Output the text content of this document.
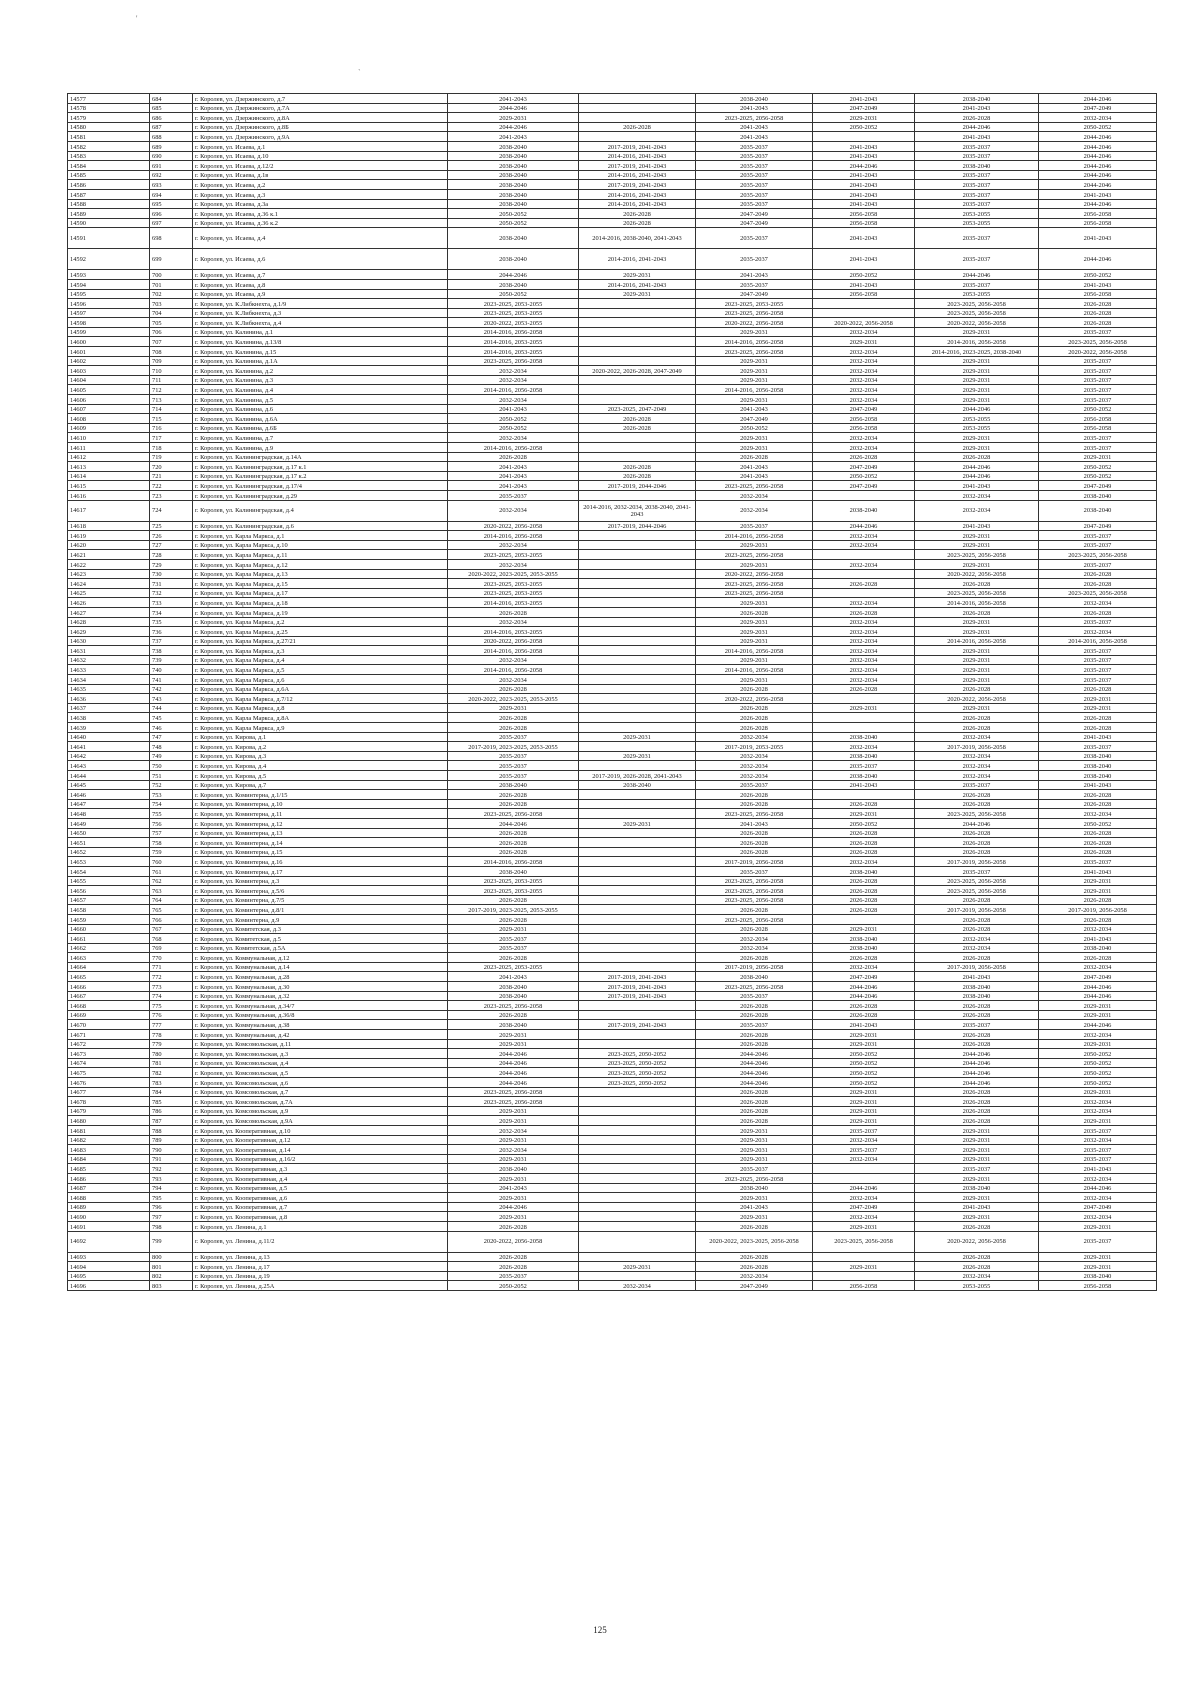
'
`
14577	684	г. Королев, ул. Дзержинского, д.7	2041-2043		2038-2040	2041-2043	2038-2040	2044-2046
14578	685	г. Королев, ул. Дзержинского, д.7А	2044-2046		2041-2043	2047-2049	2041-2043	2047-2049
14579	686	г. Королев, ул. Дзержинского, д.8А	2029-2031		2023-2025, 2056-2058	2029-2031	2026-2028	2032-2034
14580	687	г. Королев, ул. Дзержинского, д.8Б	2044-2046	2026-2028	2041-2043	2050-2052	2044-2046	2050-2052
14581	688	г. Королев, ул. Дзержинского, д.9А	2041-2043		2041-2043		2041-2043	2044-2046
14582	689	г. Королев, ул. Исаева, д.1	2038-2040	2017-2019, 2041-2043	2035-2037	2041-2043	2035-2037	2044-2046
14583	690	г. Королев, ул. Исаева, д.10	2038-2040	2014-2016, 2041-2043	2035-2037	2041-2043	2035-2037	2044-2046
14584	691	г. Королев, ул. Исаева, д.12/2	2038-2040	2017-2019, 2041-2043	2035-2037	2044-2046	2038-2040	2044-2046
14585	692	г. Королев, ул. Исаева, д.1в	2038-2040	2014-2016, 2041-2043	2035-2037	2041-2043	2035-2037	2044-2046
14586	693	г. Королев, ул. Исаева, д.2	2038-2040	2017-2019, 2041-2043	2035-2037	2041-2043	2035-2037	2044-2046
14587	694	г. Королев, ул. Исаева, д.3	2038-2040	2014-2016, 2041-2043	2035-2037	2041-2043	2035-2037	2041-2043
14588	695	г. Королев, ул. Исаева, д.3а	2038-2040	2014-2016, 2041-2043	2035-2037	2041-2043	2035-2037	2044-2046
14589	696	г. Королев, ул. Исаева, д.36 к.1	2050-2052	2026-2028	2047-2049	2056-2058	2053-2055	2056-2058
14590	697	г. Королев, ул. Исаева, д.36 к.2	2050-2052	2026-2028	2047-2049	2056-2058	2053-2055	2056-2058
14591	698	г. Королев, ул. Исаева, д.4	2038-2040	2014-2016, 2038-2040, 2041-2043	2035-2037	2041-2043	2035-2037	2041-2043
14592	699	г. Королев, ул. Исаева, д.6	2038-2040	2014-2016, 2041-2043	2035-2037	2041-2043	2035-2037	2044-2046
14593	700	г. Королев, ул. Исаева, д.7	2044-2046	2029-2031	2041-2043	2050-2052	2044-2046	2050-2052
14594	701	г. Королев, ул. Исаева, д.8	2038-2040	2014-2016, 2041-2043	2035-2037	2041-2043	2035-2037	2041-2043
14595	702	г. Королев, ул. Исаева, д.9	2050-2052	2029-2031	2047-2049	2056-2058	2053-2055	2056-2058
14596	703	г. Королев, ул. К.Либкнехта, д.1/9	2023-2025, 2053-2055		2023-2025, 2053-2055		2023-2025, 2056-2058	2026-2028
14597	704	г. Королев, ул. К.Либкнехта, д.3	2023-2025, 2053-2055		2023-2025, 2056-2058		2023-2025, 2056-2058	2026-2028
14598	705	г. Королев, ул. К.Либкнехта, д.4	2020-2022, 2053-2055		2020-2022, 2056-2058	2020-2022, 2056-2058	2020-2022, 2056-2058	2026-2028
14599	706	г. Королев, ул. Калинина, д.1	2014-2016, 2056-2058		2029-2031	2032-2034	2029-2031	2035-2037
14600	707	г. Королев, ул. Калинина, д.13/8	2014-2016, 2053-2055		2014-2016, 2056-2058	2029-2031	2014-2016, 2056-2058	2023-2025, 2056-2058
14601	708	г. Королев, ул. Калинина, д.15	2014-2016, 2053-2055		2023-2025, 2056-2058	2032-2034	2014-2016, 2023-2025, 2038-2040	2020-2022, 2056-2058
14602	709	г. Королев, ул. Калинина, д.1А	2023-2025, 2056-2058		2029-2031	2032-2034	2029-2031	2035-2037
14603	710	г. Королев, ул. Калинина, д.2	2032-2034	2020-2022, 2026-2028, 2047-2049	2029-2031	2032-2034	2029-2031	2035-2037
14604	711	г. Королев, ул. Калинина, д.3	2032-2034		2029-2031	2032-2034	2029-2031	2035-2037
14605	712	г. Королев, ул. Калинина, д.4	2014-2016, 2056-2058		2014-2016, 2056-2058	2032-2034	2029-2031	2035-2037
14606	713	г. Королев, ул. Калинина, д.5	2032-2034		2029-2031	2032-2034	2029-2031	2035-2037
14607	714	г. Королев, ул. Калинина, д.6	2041-2043	2023-2025, 2047-2049	2041-2043	2047-2049	2044-2046	2050-2052
14608	715	г. Королев, ул. Калинина, д.6А	2050-2052	2026-2028	2047-2049	2056-2058	2053-2055	2056-2058
14609	716	г. Королев, ул. Калинина, д.6Б	2050-2052	2026-2028	2050-2052	2056-2058	2053-2055	2056-2058
14610	717	г. Королев, ул. Калинина, д.7	2032-2034		2029-2031	2032-2034	2029-2031	2035-2037
14611	718	г. Королев, ул. Калинина, д.9	2014-2016, 2056-2058		2029-2031	2032-2034	2029-2031	2035-2037
14612	719	г. Королев, ул. Калининградская, д.14А	2026-2028		2026-2028	2026-2028	2026-2028	2029-2031
14613	720	г. Королев, ул. Калининградская, д.17 к.1	2041-2043	2026-2028	2041-2043	2047-2049	2044-2046	2050-2052
14614	721	г. Королев, ул. Калининградская, д.17 к.2	2041-2043	2026-2028	2041-2043	2050-2052	2044-2046	2050-2052
14615	722	г. Королев, ул. Калининградская, д.17/4	2041-2043	2017-2019, 2044-2046	2023-2025, 2056-2058	2047-2049	2041-2043	2047-2049
14616	723	г. Королев, ул. Калининградская, д.29	2035-2037		2032-2034		2032-2034	2038-2040
14617	724	г. Королев, ул. Калининградская, д.4	2032-2034	2014-2016, 2032-2034, 2038-2040, 2041-2043	2032-2034	2038-2040	2032-2034	2038-2040
14618	725	г. Королев, ул. Калининградская, д.6	2020-2022, 2056-2058	2017-2019, 2044-2046	2035-2037	2044-2046	2041-2043	2047-2049
14619	726	г. Королев, ул. Карла Маркса, д.1	2014-2016, 2056-2058		2014-2016, 2056-2058	2032-2034	2029-2031	2035-2037
14620	727	г. Королев, ул. Карла Маркса, д.10	2032-2034		2029-2031	2032-2034	2029-2031	2035-2037
14621	728	г. Королев, ул. Карла Маркса, д.11	2023-2025, 2053-2055		2023-2025, 2056-2058		2023-2025, 2056-2058	2023-2025, 2056-2058
14622	729	г. Королев, ул. Карла Маркса, д.12	2032-2034		2029-2031	2032-2034	2029-2031	2035-2037
14623	730	г. Королев, ул. Карла Маркса, д.13	2020-2022, 2023-2025, 2053-2055		2020-2022, 2056-2058		2020-2022, 2056-2058	2026-2028
14624	731	г. Королев, ул. Карла Маркса, д.15	2023-2025, 2053-2055		2023-2025, 2056-2058	2026-2028	2026-2028	2026-2028
14625	732	г. Королев, ул. Карла Маркса, д.17	2023-2025, 2053-2055		2023-2025, 2056-2058		2023-2025, 2056-2058	2023-2025, 2056-2058
14626	733	г. Королев, ул. Карла Маркса, д.18	2014-2016, 2053-2055		2029-2031	2032-2034	2014-2016, 2056-2058	2032-2034
14627	734	г. Королев, ул. Карла Маркса, д.19	2026-2028		2026-2028	2026-2028	2026-2028	2026-2028
14628	735	г. Королев, ул. Карла Маркса, д.2	2032-2034		2029-2031	2032-2034	2029-2031	2035-2037
14629	736	г. Королев, ул. Карла Маркса, д.25	2014-2016, 2053-2055		2029-2031	2032-2034	2029-2031	2032-2034
14630	737	г. Королев, ул. Карла Маркса, д.27/21	2020-2022, 2056-2058		2029-2031	2032-2034	2014-2016, 2056-2058	2014-2016, 2056-2058
14631	738	г. Королев, ул. Карла Маркса, д.3	2014-2016, 2056-2058		2014-2016, 2056-2058	2032-2034	2029-2031	2035-2037
14632	739	г. Королев, ул. Карла Маркса, д.4	2032-2034		2029-2031	2032-2034	2029-2031	2035-2037
14633	740	г. Королев, ул. Карла Маркса, д.5	2014-2016, 2056-2058		2014-2016, 2056-2058	2032-2034	2029-2031	2035-2037
14634	741	г. Королев, ул. Карла Маркса, д.6	2032-2034		2029-2031	2032-2034	2029-2031	2035-2037
14635	742	г. Королев, ул. Карла Маркса, д.6А	2026-2028		2026-2028	2026-2028	2026-2028	2026-2028
14636	743	г. Королев, ул. Карла Маркса, д.7/12	2020-2022, 2023-2025, 2053-2055		2020-2022, 2056-2058		2020-2022, 2056-2058	2029-2031
14637	744	г. Королев, ул. Карла Маркса, д.8	2029-2031		2026-2028	2029-2031	2029-2031	2029-2031
14638	745	г. Королев, ул. Карла Маркса, д.8А	2026-2028		2026-2028		2026-2028	2026-2028
14639	746	г. Королев, ул. Карла Маркса, д.9	2026-2028		2026-2028		2026-2028	2026-2028
14640	747	г. Королев, ул. Кирова, д.1	2035-2037	2029-2031	2032-2034	2038-2040	2032-2034	2041-2043
14641	748	г. Королев, ул. Кирова, д.2	2017-2019, 2023-2025, 2053-2055		2017-2019, 2053-2055	2032-2034	2017-2019, 2056-2058	2035-2037
14642	749	г. Королев, ул. Кирова, д.3	2035-2037	2029-2031	2032-2034	2038-2040	2032-2034	2038-2040
14643	750	г. Королев, ул. Кирова, д.4	2035-2037		2032-2034	2035-2037	2032-2034	2038-2040
14644	751	г. Королев, ул. Кирова, д.5	2035-2037	2017-2019, 2026-2028, 2041-2043	2032-2034	2038-2040	2032-2034	2038-2040
14645	752	г. Королев, ул. Кирова, д.7	2038-2040	2038-2040	2035-2037	2041-2043	2035-2037	2041-2043
14646	753	г. Королев, ул. Коминтерна, д.1/15	2026-2028		2026-2028		2026-2028	2026-2028
14647	754	г. Королев, ул. Коминтерна, д.10	2026-2028		2026-2028	2026-2028	2026-2028	2026-2028
14648	755	г. Королев, ул. Коминтерна, д.11	2023-2025, 2056-2058		2023-2025, 2056-2058	2029-2031	2023-2025, 2056-2058	2032-2034
14649	756	г. Королев, ул. Коминтерна, д.12	2044-2046	2029-2031	2041-2043	2050-2052	2044-2046	2050-2052
14650	757	г. Королев, ул. Коминтерна, д.13	2026-2028		2026-2028	2026-2028	2026-2028	2026-2028
14651	758	г. Королев, ул. Коминтерна, д.14	2026-2028		2026-2028	2026-2028	2026-2028	2026-2028
14652	759	г. Королев, ул. Коминтерна, д.15	2026-2028		2026-2028	2026-2028	2026-2028	2026-2028
14653	760	г. Королев, ул. Коминтерна, д.16	2014-2016, 2056-2058		2017-2019, 2056-2058	2032-2034	2017-2019, 2056-2058	2035-2037
14654	761	г. Королев, ул. Коминтерна, д.17	2038-2040		2035-2037	2038-2040	2035-2037	2041-2043
14655	762	г. Королев, ул. Коминтерна, д.3	2023-2025, 2053-2055		2023-2025, 2056-2058	2026-2028	2023-2025, 2056-2058	2029-2031
14656	763	г. Королев, ул. Коминтерна, д.5/6	2023-2025, 2053-2055		2023-2025, 2056-2058	2026-2028	2023-2025, 2056-2058	2029-2031
14657	764	г. Королев, ул. Коминтерна, д.7/5	2026-2028		2023-2025, 2056-2058	2026-2028	2026-2028	2026-2028
14658	765	г. Королев, ул. Коминтерна, д.8/1	2017-2019, 2023-2025, 2053-2055		2026-2028	2026-2028	2017-2019, 2056-2058	2017-2019, 2056-2058
14659	766	г. Королев, ул. Коминтерна, д.9	2026-2028		2023-2025, 2056-2058		2026-2028	2026-2028
14660	767	г. Королев, ул. Комитетская, д.3	2029-2031		2026-2028	2029-2031	2026-2028	2032-2034
14661	768	г. Королев, ул. Комитетская, д.5	2035-2037		2032-2034	2038-2040	2032-2034	2041-2043
14662	769	г. Королев, ул. Комитетская, д.5А	2035-2037		2032-2034	2038-2040	2032-2034	2038-2040
14663	770	г. Королев, ул. Коммунальная, д.12	2026-2028		2026-2028	2026-2028	2026-2028	2026-2028
14664	771	г. Королев, ул. Коммунальная, д.14	2023-2025, 2053-2055		2017-2019, 2056-2058	2032-2034	2017-2019, 2056-2058	2032-2034
14665	772	г. Королев, ул. Коммунальная, д.28	2041-2043	2017-2019, 2041-2043	2038-2040	2047-2049	2041-2043	2047-2049
14666	773	г. Королев, ул. Коммунальная, д.30	2038-2040	2017-2019, 2041-2043	2023-2025, 2056-2058	2044-2046	2038-2040	2044-2046
14667	774	г. Королев, ул. Коммунальная, д.32	2038-2040	2017-2019, 2041-2043	2035-2037	2044-2046	2038-2040	2044-2046
14668	775	г. Королев, ул. Коммунальная, д.34/7	2023-2025, 2056-2058		2026-2028	2026-2028	2026-2028	2029-2031
14669	776	г. Королев, ул. Коммунальная, д.36/8	2026-2028		2026-2028	2026-2028	2026-2028	2029-2031
14670	777	г. Королев, ул. Коммунальная, д.38	2038-2040	2017-2019, 2041-2043	2035-2037	2041-2043	2035-2037	2044-2046
14671	778	г. Королев, ул. Коммунальная, д.42	2029-2031		2026-2028	2029-2031	2026-2028	2032-2034
14672	779	г. Королев, ул. Комсомольская, д.11	2029-2031		2026-2028	2029-2031	2026-2028	2029-2031
14673	780	г. Королев, ул. Комсомольская, д.3	2044-2046	2023-2025, 2050-2052	2044-2046	2050-2052	2044-2046	2050-2052
14674	781	г. Королев, ул. Комсомольская, д.4	2044-2046	2023-2025, 2050-2052	2044-2046	2050-2052	2044-2046	2050-2052
14675	782	г. Королев, ул. Комсомольская, д.5	2044-2046	2023-2025, 2050-2052	2044-2046	2050-2052	2044-2046	2050-2052
14676	783	г. Королев, ул. Комсомольская, д.6	2044-2046	2023-2025, 2050-2052	2044-2046	2050-2052	2044-2046	2050-2052
14677	784	г. Королев, ул. Комсомольская, д.7	2023-2025, 2056-2058		2026-2028	2029-2031	2026-2028	2029-2031
14678	785	г. Королев, ул. Комсомольская, д.7А	2023-2025, 2056-2058		2026-2028	2029-2031	2026-2028	2032-2034
14679	786	г. Королев, ул. Комсомольская, д.9	2029-2031		2026-2028	2029-2031	2026-2028	2032-2034
14680	787	г. Королев, ул. Комсомольская, д.9А	2029-2031		2026-2028	2029-2031	2026-2028	2029-2031
14681	788	г. Королев, ул. Кооперативная, д.10	2032-2034		2029-2031	2035-2037	2029-2031	2035-2037
14682	789	г. Королев, ул. Кооперативная, д.12	2029-2031		2029-2031	2032-2034	2029-2031	2032-2034
14683	790	г. Королев, ул. Кооперативная, д.14	2032-2034		2029-2031	2035-2037	2029-2031	2035-2037
14684	791	г. Королев, ул. Кооперативная, д.16/2	2029-2031		2029-2031	2032-2034	2029-2031	2035-2037
14685	792	г. Королев, ул. Кооперативная, д.3	2038-2040		2035-2037		2035-2037	2041-2043
14686	793	г. Королев, ул. Кооперативная, д.4	2029-2031		2023-2025, 2056-2058		2029-2031	2032-2034
14687	794	г. Королев, ул. Кооперативная, д.5	2041-2043		2038-2040	2044-2046	2038-2040	2044-2046
14688	795	г. Королев, ул. Кооперативная, д.6	2029-2031		2029-2031	2032-2034	2029-2031	2032-2034
14689	796	г. Королев, ул. Кооперативная, д.7	2044-2046		2041-2043	2047-2049	2041-2043	2047-2049
14690	797	г. Королев, ул. Кооперативная, д.8	2029-2031		2029-2031	2032-2034	2029-2031	2032-2034
14691	798	г. Королев, ул. Ленина, д.1	2026-2028		2026-2028	2029-2031	2026-2028	2029-2031
14692	799	г. Королев, ул. Ленина, д.11/2	2020-2022, 2056-2058		2020-2022, 2023-2025, 2056-2058	2023-2025, 2056-2058	2020-2022, 2056-2058	2035-2037
14693	800	г. Королев, ул. Ленина, д.13	2026-2028		2026-2028		2026-2028	2029-2031
14694	801	г. Королев, ул. Ленина, д.17	2026-2028	2029-2031	2026-2028	2029-2031	2026-2028	2029-2031
14695	802	г. Королев, ул. Ленина, д.19	2035-2037		2032-2034		2032-2034	2038-2040
14696	803	г. Королев, ул. Ленина, д.25А	2050-2052	2032-2034	2047-2049	2056-2058	2053-2055	2056-2058
125
